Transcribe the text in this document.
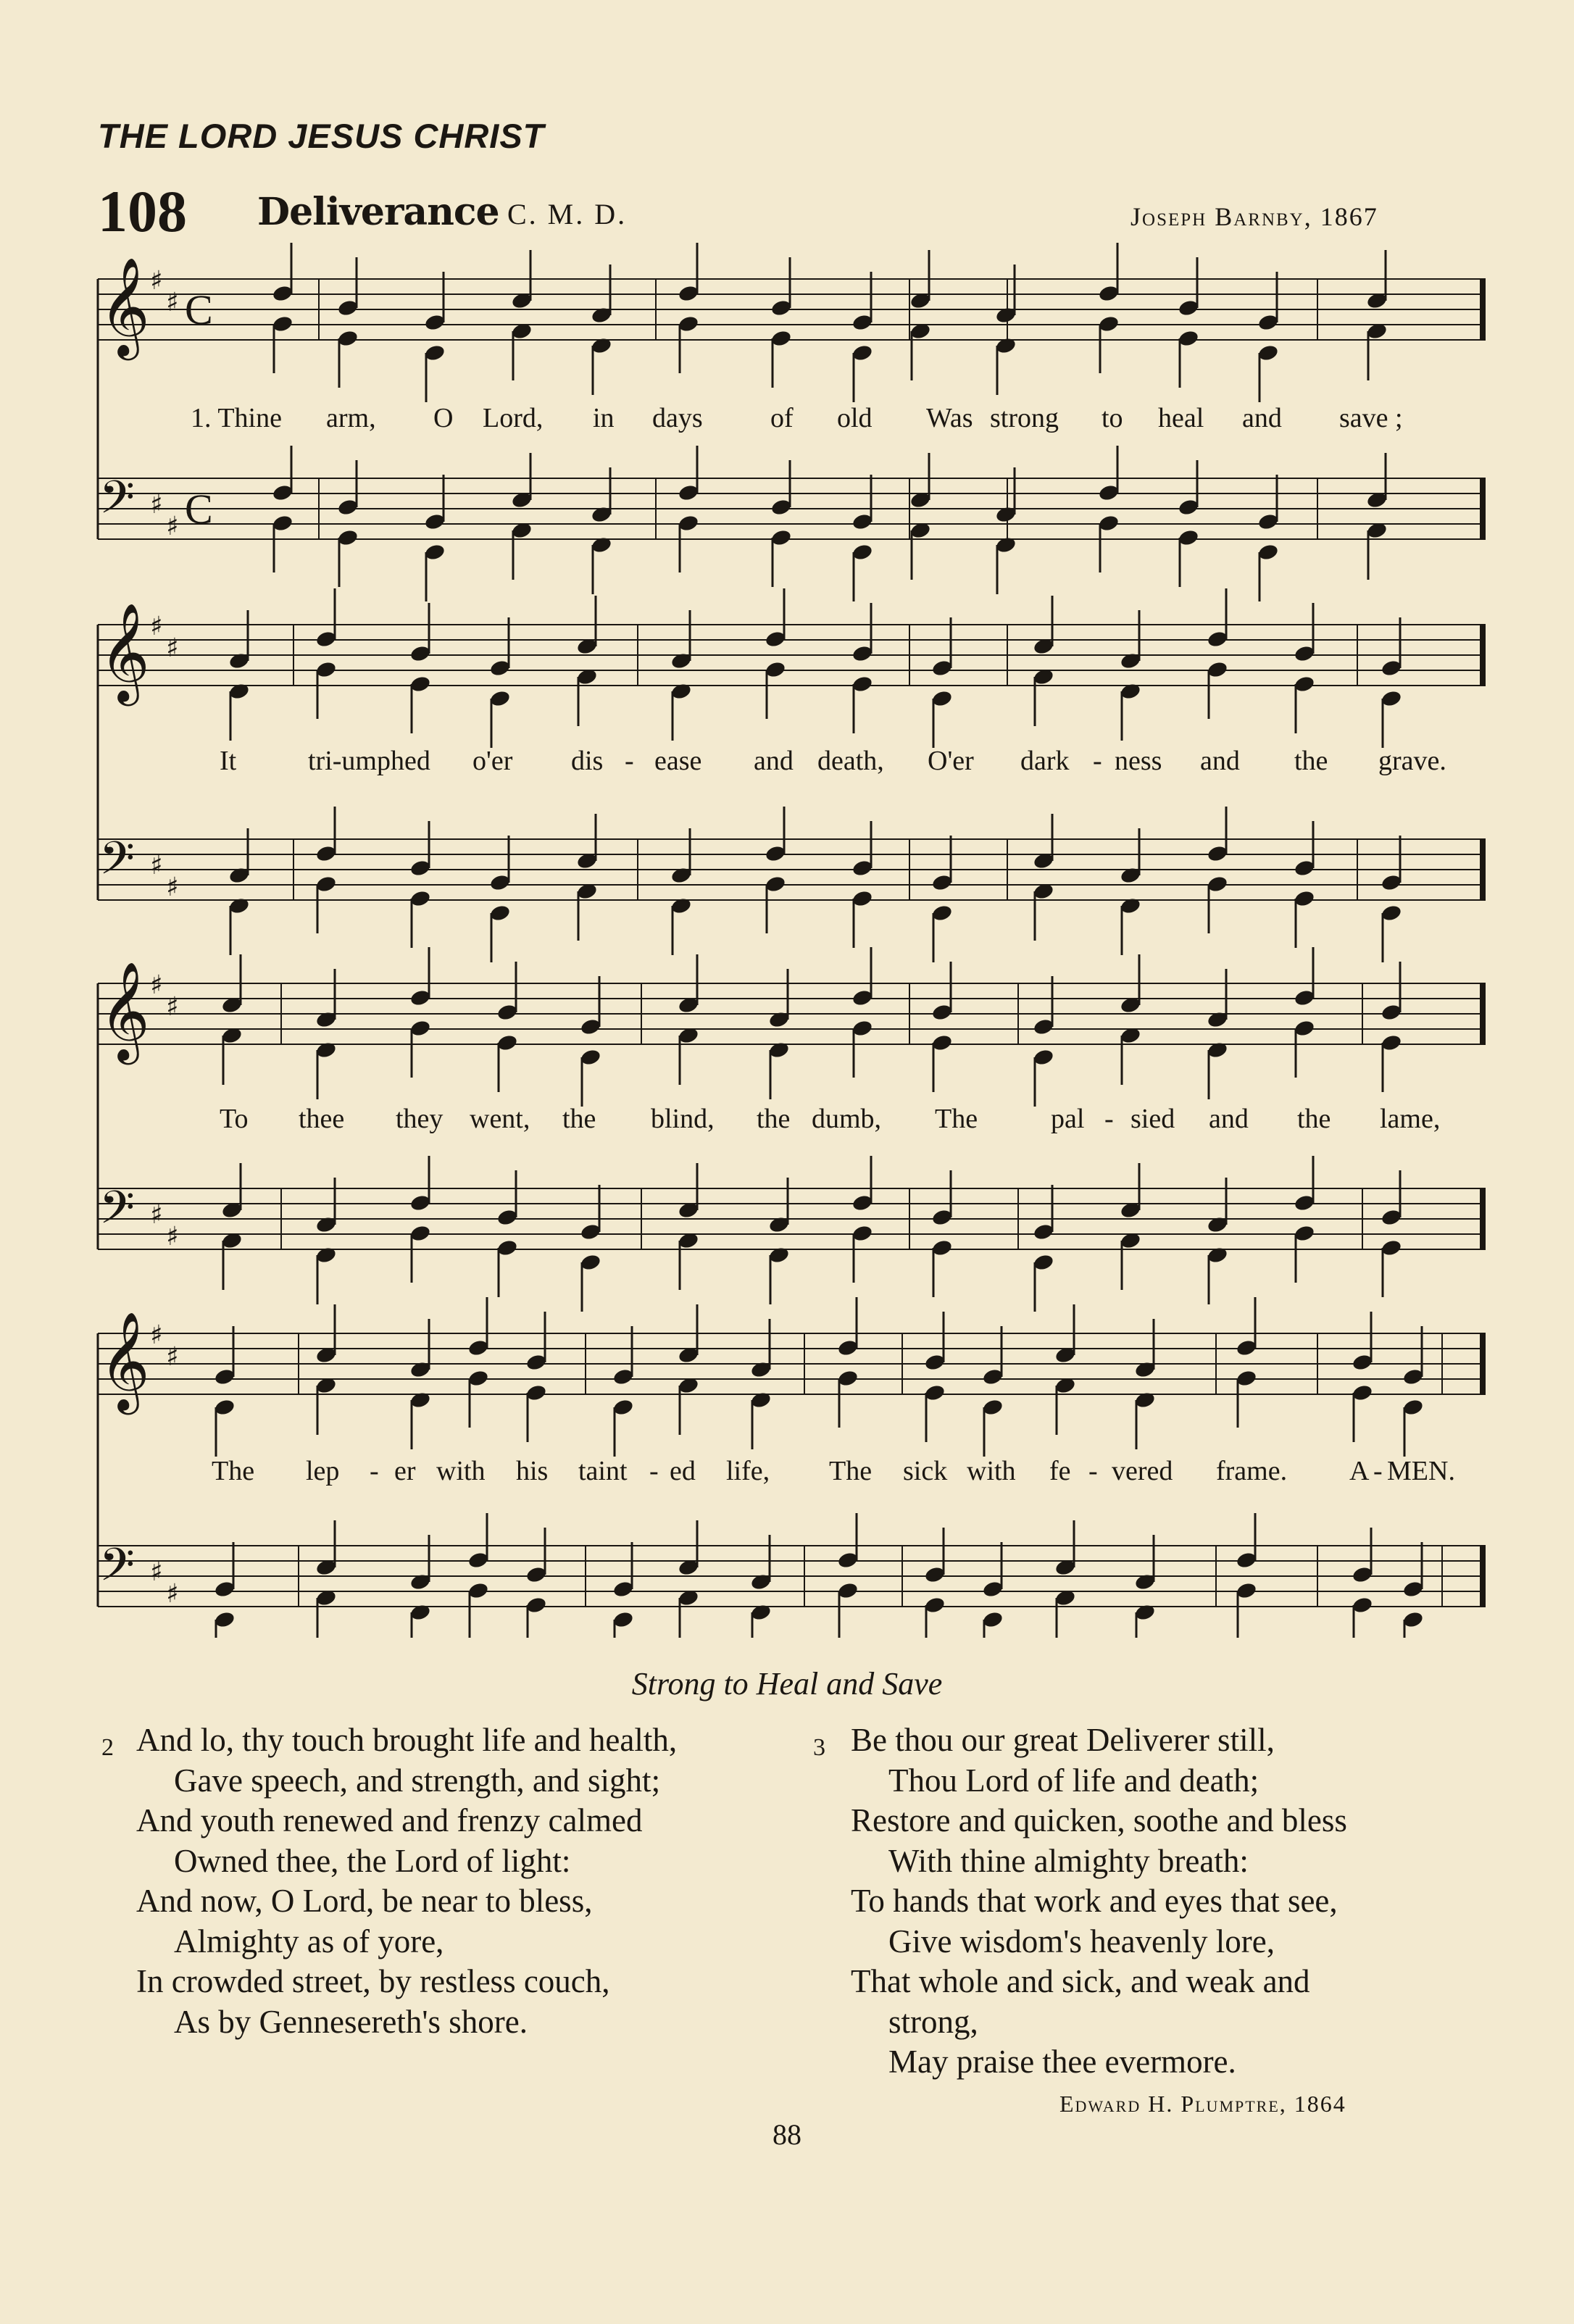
THE LORD JESUS CHRIST
108 Deliverance C. M. D.	Joseph Barnby, 1867
𝄞 ♯
♯ C
𝄢 ♯
♯ C
𝄞 ♯
♯
𝄢 ♯
♯
𝄞 ♯
♯
𝄢 ♯
♯
𝄞 ♯
♯
𝄢 ♯
♯
1. Thine arm, O Lord, in days of old Was strong to heal and save ;
It	tri-umphed o'er dis - ease and death, O'er dark - ness and the grave.
To thee they went, the blind, the dumb, The	pal - sied and the lame,
The lep - er with his taint - ed life, The sick with fe - vered frame. A - MEN.
Strong to Heal and Save
2 And lo, thy touch brought life and health,
Gave speech, and strength, and sight;
And youth renewed and frenzy calmed
Owned thee, the Lord of light:
And now, O Lord, be near to bless,
Almighty as of yore,
In crowded street, by restless couch,
As by Gennesereth's shore.
3 Be thou our great Deliverer still,
Thou Lord of life and death;
Restore and quicken, soothe and bless
With thine almighty breath:
To hands that work and eyes that see,
Give wisdom's heavenly lore,
That whole and sick, and weak and
strong,
May praise thee evermore.
Edward H. Plumptre, 1864
88
